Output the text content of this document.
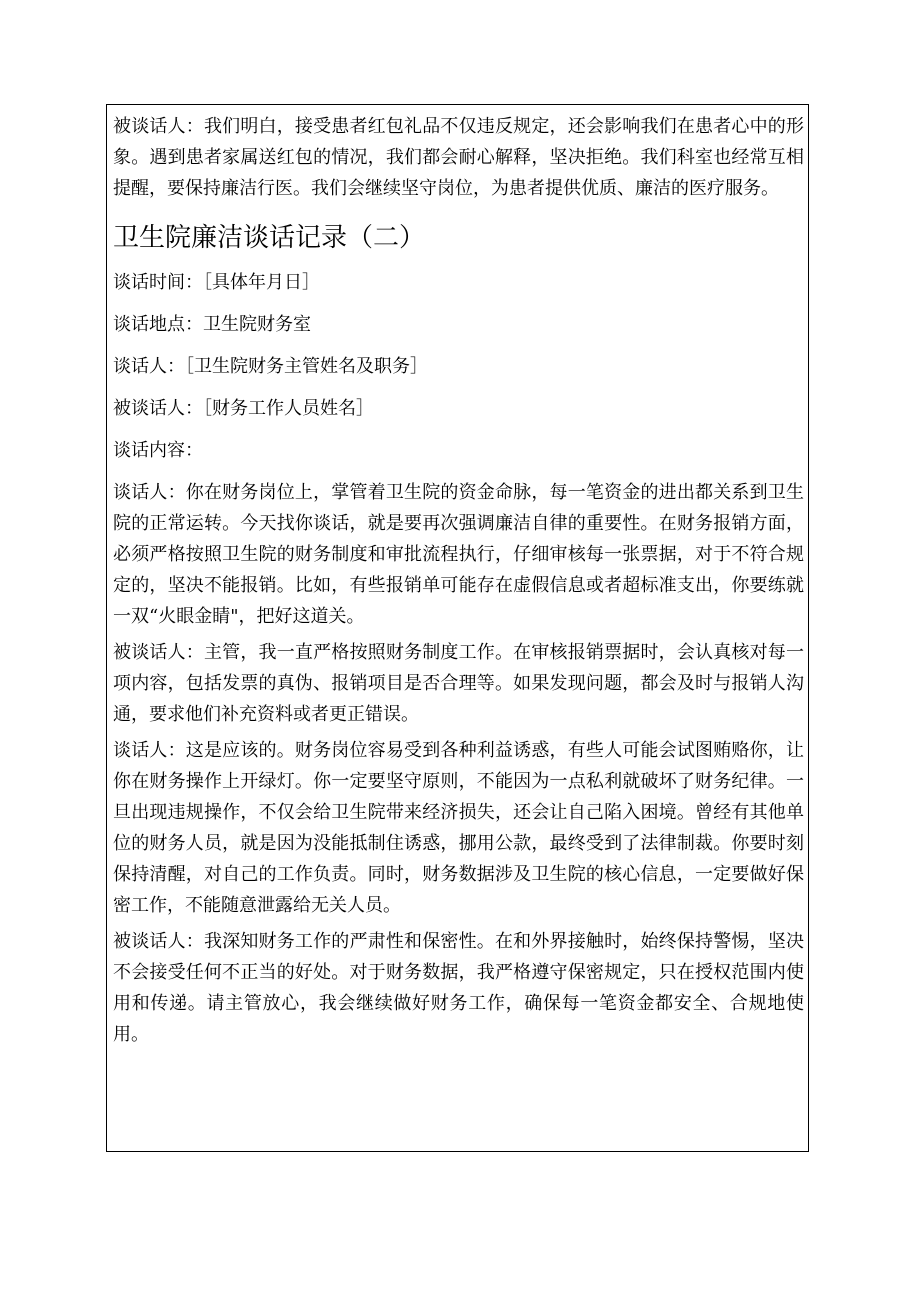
被谈话人：我们明白，接受患者红包礼品不仅违反规定，还会影响我们在患者心中的形象。遇到患者家属送红包的情况，我们都会耐心解释，坚决拒绝。我们科室也经常互相提醒，要保持廉洁行医。我们会继续坚守岗位，为患者提供优质、廉洁的医疗服务。

卫生院廉洁谈话记录（二）

谈话时间：［具体年月日］

谈话地点：卫生院财务室

谈话人：［卫生院财务主管姓名及职务］

被谈话人：［财务工作人员姓名］

谈话内容：

谈话人：你在财务岗位上，掌管着卫生院的资金命脉，每一笔资金的进出都关系到卫生院的正常运转。今天找你谈话，就是要再次强调廉洁自律的重要性。在财务报销方面，必须严格按照卫生院的财务制度和审批流程执行，仔细审核每一张票据，对于不符合规定的，坚决不能报销。比如，有些报销单可能存在虚假信息或者超标准支出，你要练就一双“火眼金睛"，把好这道关。

被谈话人：主管，我一直严格按照财务制度工作。在审核报销票据时，会认真核对每一项内容，包括发票的真伪、报销项目是否合理等。如果发现问题，都会及时与报销人沟通，要求他们补充资料或者更正错误。

谈话人：这是应该的。财务岗位容易受到各种利益诱惑，有些人可能会试图贿赂你，让你在财务操作上开绿灯。你一定要坚守原则，不能因为一点私利就破坏了财务纪律。一旦出现违规操作，不仅会给卫生院带来经济损失，还会让自己陷入困境。曾经有其他单位的财务人员，就是因为没能抵制住诱惑，挪用公款，最终受到了法律制裁。你要时刻保持清醒，对自己的工作负责。同时，财务数据涉及卫生院的核心信息，一定要做好保密工作，不能随意泄露给无关人员。

被谈话人：我深知财务工作的严肃性和保密性。在和外界接触时，始终保持警惕，坚决不会接受任何不正当的好处。对于财务数据，我严格遵守保密规定，只在授权范围内使用和传递。请主管放心，我会继续做好财务工作，确保每一笔资金都安全、合规地使用。
